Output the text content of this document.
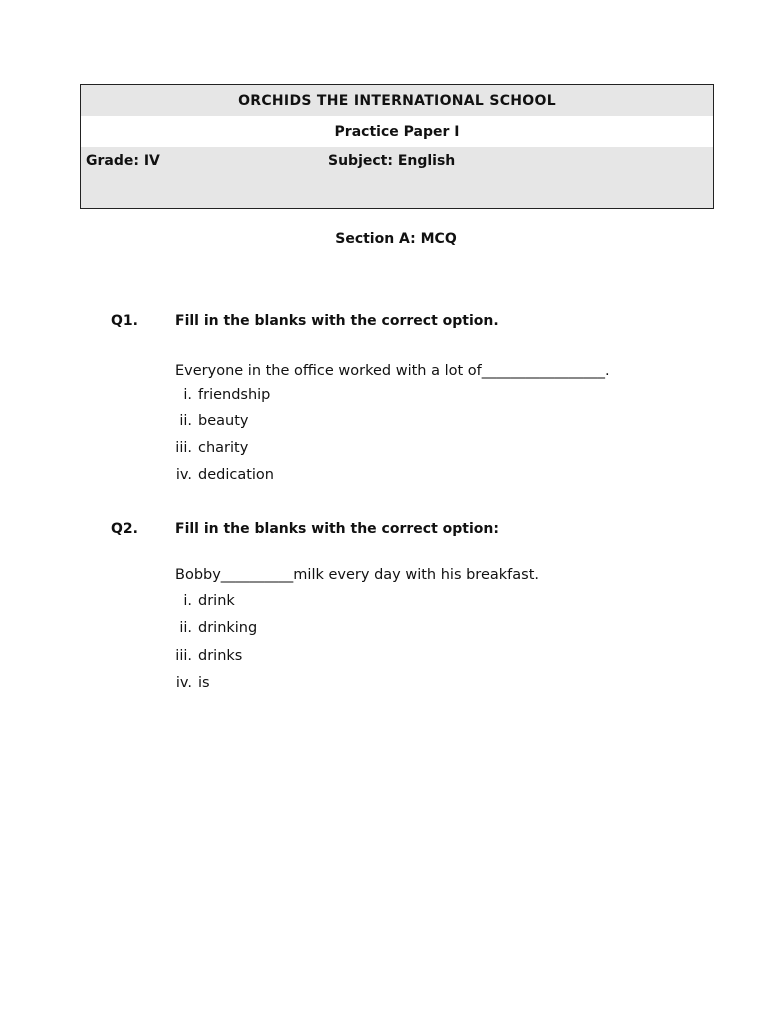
ORCHIDS THE INTERNATIONAL SCHOOL
Practice Paper I
Grade: IV	Subject: English
Section A: MCQ
Q1.	Fill in the blanks with the correct option.
Everyone in the office worked with a lot of_________________.
i. friendship
ii. beauty
iii. charity
iv. dedication
Q2.	Fill in the blanks with the correct option:
Bobby__________milk every day with his breakfast.
i. drink
ii. drinking
iii. drinks
iv. is
